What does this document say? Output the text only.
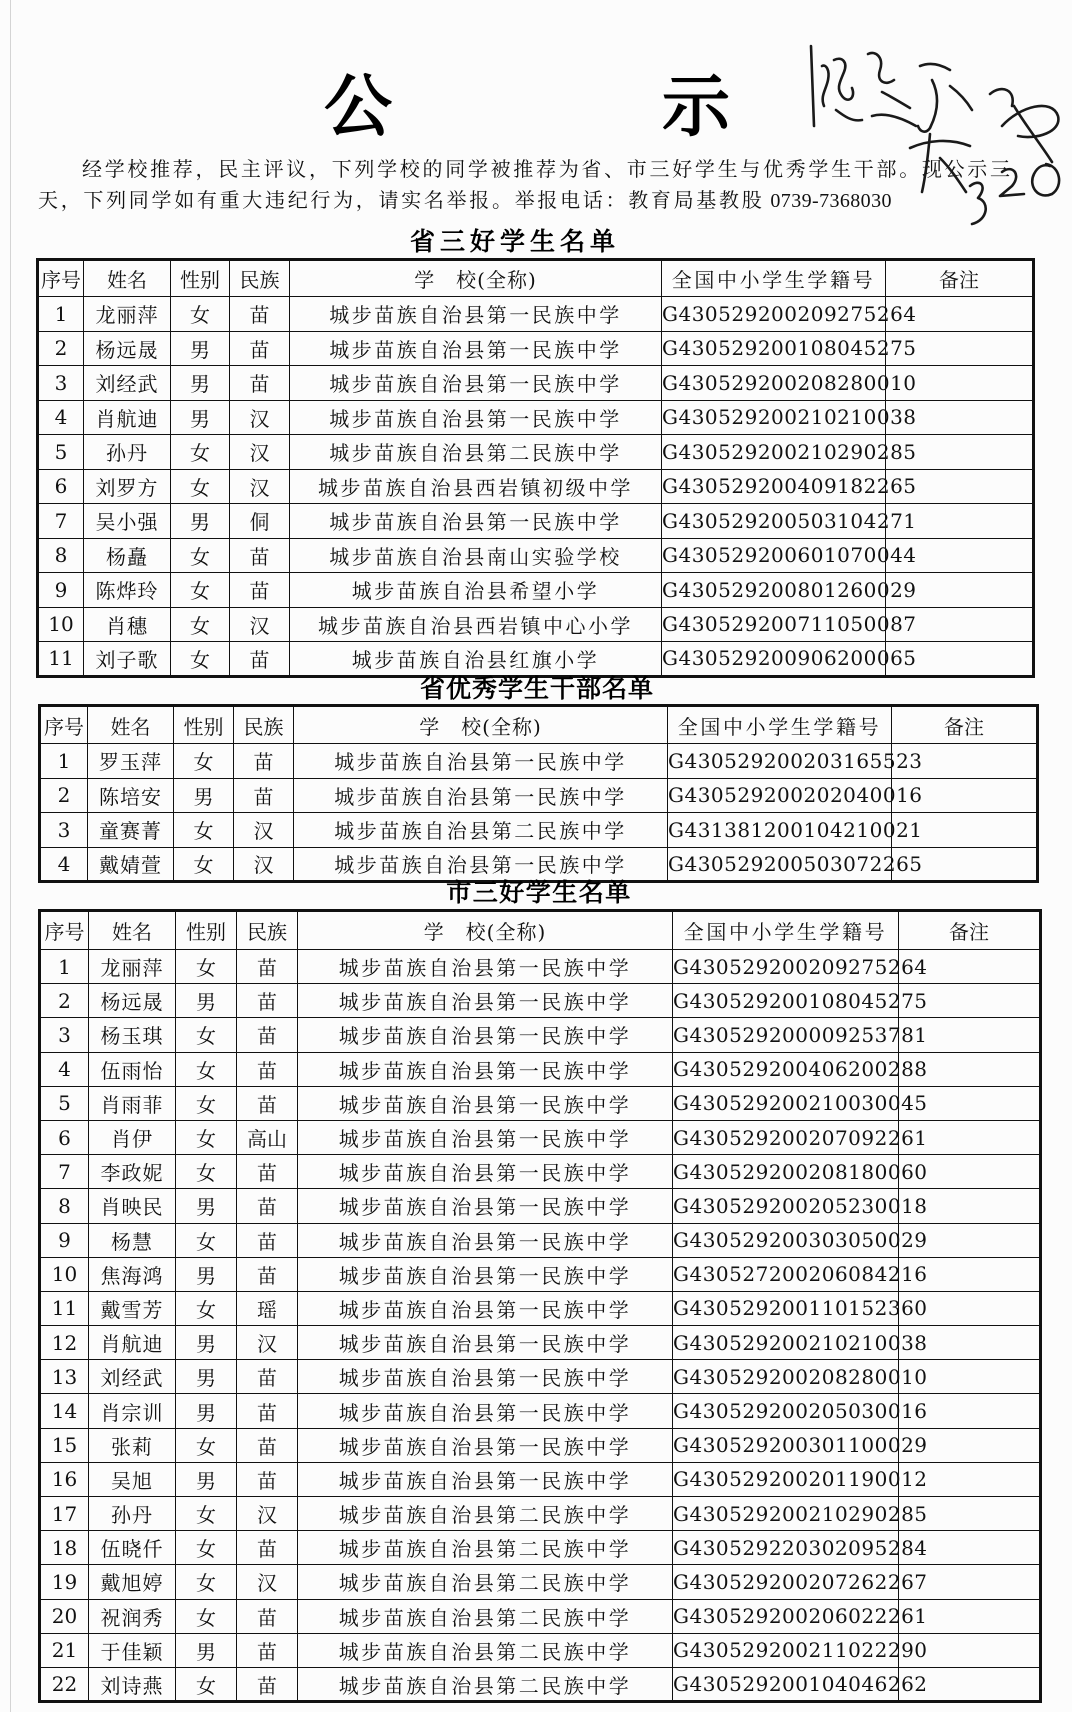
公	示
经学校推荐，民主评议，下列学校的同学被推荐为省、市三好学生与优秀学生干部。现公示三
天，下列同学如有重大违纪行为，请实名举报。举报电话：教育局基教股 0739-7368030
省三好学生名单
序号	姓名	性别	民族	学　校(全称)	全国中小学生学籍号	备注
1	龙丽萍	女	苗	城步苗族自治县第一民族中学	G430529200209275264	
2	杨远晟	男	苗	城步苗族自治县第一民族中学	G430529200108045275	
3	刘经武	男	苗	城步苗族自治县第一民族中学	G430529200208280010	
4	肖航迪	男	汉	城步苗族自治县第一民族中学	G430529200210210038	
5	孙丹	女	汉	城步苗族自治县第二民族中学	G430529200210290285	
6	刘罗方	女	汉	城步苗族自治县西岩镇初级中学	G430529200409182265	
7	吴小强	男	侗	城步苗族自治县第一民族中学	G430529200503104271	
8	杨矗	女	苗	城步苗族自治县南山实验学校	G430529200601070044	
9	陈烨玲	女	苗	城步苗族自治县希望小学	G430529200801260029	
10	肖穗	女	汉	城步苗族自治县西岩镇中心小学	G430529200711050087	
11	刘子歌	女	苗	城步苗族自治县红旗小学	G430529200906200065	
省优秀学生干部名单
序号	姓名	性别	民族	学　校(全称)	全国中小学生学籍号	备注
1	罗玉萍	女	苗	城步苗族自治县第一民族中学	G430529200203165523	
2	陈培安	男	苗	城步苗族自治县第一民族中学	G430529200202040016	
3	童赛菁	女	汉	城步苗族自治县第二民族中学	G431381200104210021	
4	戴婧萱	女	汉	城步苗族自治县第一民族中学	G430529200503072265	
市三好学生名单
序号	姓名	性别	民族	学　校(全称)	全国中小学生学籍号	备注
1	龙丽萍	女	苗	城步苗族自治县第一民族中学	G430529200209275264	
2	杨远晟	男	苗	城步苗族自治县第一民族中学	G430529200108045275	
3	杨玉琪	女	苗	城步苗族自治县第一民族中学	G430529200009253781	
4	伍雨怡	女	苗	城步苗族自治县第一民族中学	G430529200406200288	
5	肖雨菲	女	苗	城步苗族自治县第一民族中学	G430529200210030045	
6	肖伊	女	高山	城步苗族自治县第一民族中学	G430529200207092261	
7	李政妮	女	苗	城步苗族自治县第一民族中学	G430529200208180060	
8	肖映民	男	苗	城步苗族自治县第一民族中学	G430529200205230018	
9	杨慧	女	苗	城步苗族自治县第一民族中学	G430529200303050029	
10	焦海鸿	男	苗	城步苗族自治县第一民族中学	G430527200206084216	
11	戴雪芳	女	瑶	城步苗族自治县第一民族中学	G430529200110152360	
12	肖航迪	男	汉	城步苗族自治县第一民族中学	G430529200210210038	
13	刘经武	男	苗	城步苗族自治县第一民族中学	G430529200208280010	
14	肖宗训	男	苗	城步苗族自治县第一民族中学	G430529200205030016	
15	张莉	女	苗	城步苗族自治县第一民族中学	G430529200301100029	
16	吴旭	男	苗	城步苗族自治县第一民族中学	G430529200201190012	
17	孙丹	女	汉	城步苗族自治县第二民族中学	G430529200210290285	
18	伍晓仟	女	苗	城步苗族自治县第二民族中学	G430529220302095284	
19	戴旭婷	女	汉	城步苗族自治县第二民族中学	G430529200207262267	
20	祝润秀	女	苗	城步苗族自治县第二民族中学	G430529200206022261	
21	于佳颖	男	苗	城步苗族自治县第二民族中学	G430529200211022290	
22	刘诗燕	女	苗	城步苗族自治县第二民族中学	G430529200104046262	
